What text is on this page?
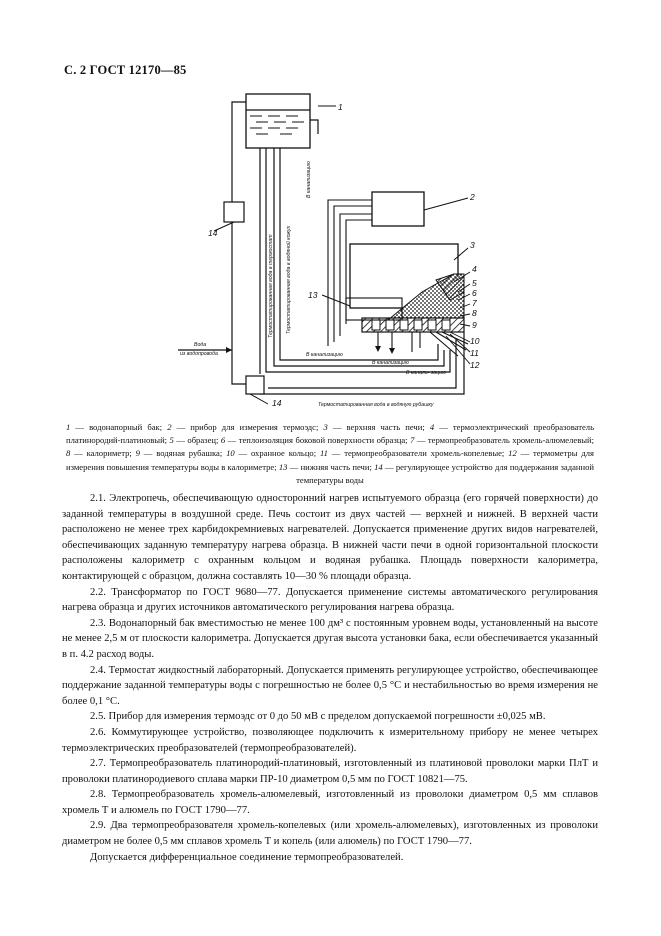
С. 2 ГОСТ 12170—85
1
2
3
4
5
6
7
8
9
10
11
12
13
14
14
В канализацию
Термостатированная вода в термостат Термостатированная вода в водяной кожух
В канализацию
В канализацию
В канали- зацию
Термостатированная вода в водяную рубашку
Вода
из водопровода
1 — водонапорный бак; 2 — прибор для измерения термоэдс; 3 — верхняя часть печи; 4 — термоэлектрический преобразователь платинородий-платиновый; 5 — образец; 6 — теплоизоляция боковой поверхности образца; 7 — термопреобразователь хромель-алюмелевый; 8 — калориметр; 9 — водяная рубашка; 10 — охранное кольцо; 11 — термопреобразователи хромель-копелевые; 12 — термометры для измерения повышения температуры воды в калориметре; 13 — нижняя часть печи; 14 — регулирующее устройство для поддержания заданной температуры воды

2.1. Электропечь, обеспечивающую односторонний нагрев испытуемого образца (его горячей поверхности) до заданной температуры в воздушной среде. Печь состоит из двух частей — верхней и нижней. В верхней части расположено не менее трех карбидокремниевых нагревателей. Допускается применение других видов нагревателей, обеспечивающих заданную температуру нагрева образца. В нижней части печи в одной горизонтальной плоскости расположены калориметр с охранным кольцом и водяная рубашка. Площадь поверхности калориметра, контактирующей с образцом, должна составлять 10—30 % площади образца.

2.2. Трансформатор по ГОСТ 9680—77. Допускается применение системы автоматического регулирования нагрева образца и других источников автоматического регулирования нагрева образца.

2.3. Водонапорный бак вместимостью не менее 100 дм³ с постоянным уровнем воды, установленный на высоте не менее 2,5 м от плоскости калориметра. Допускается другая высота установки бака, если обеспечивается указанный в п. 4.2 расход воды.

2.4. Термостат жидкостный лабораторный. Допускается применять регулирующее устройство, обеспечивающее поддержание заданной температуры воды с погрешностью не более 0,5 °С и нестабильностью во время измерения не более 0,1 °С.

2.5. Прибор для измерения термоэдс от 0 до 50 мВ с пределом допускаемой погрешности ±0,025 мВ.

2.6. Коммутирующее устройство, позволяющее подключить к измерительному прибору не менее четырех термоэлектрических преобразователей (термопреобразователей).

2.7. Термопреобразователь платинородий-платиновый, изготовленный из платиновой проволоки марки ПлТ и проволоки платинородиевого сплава марки ПР-10 диаметром 0,5 мм по ГОСТ 10821—75.

2.8. Термопреобразователь хромель-алюмелевый, изготовленный из проволоки диаметром 0,5 мм сплавов хромель Т и алюмель по ГОСТ 1790—77.

2.9. Два термопреобразователя хромель-копелевых (или хромель-алюмелевых), изготовленных из проволоки диаметром не более 0,5 мм сплавов хромель Т и копель (или алюмель) по ГОСТ 1790—77.

Допускается дифференциальное соединение термопреобразователей.
